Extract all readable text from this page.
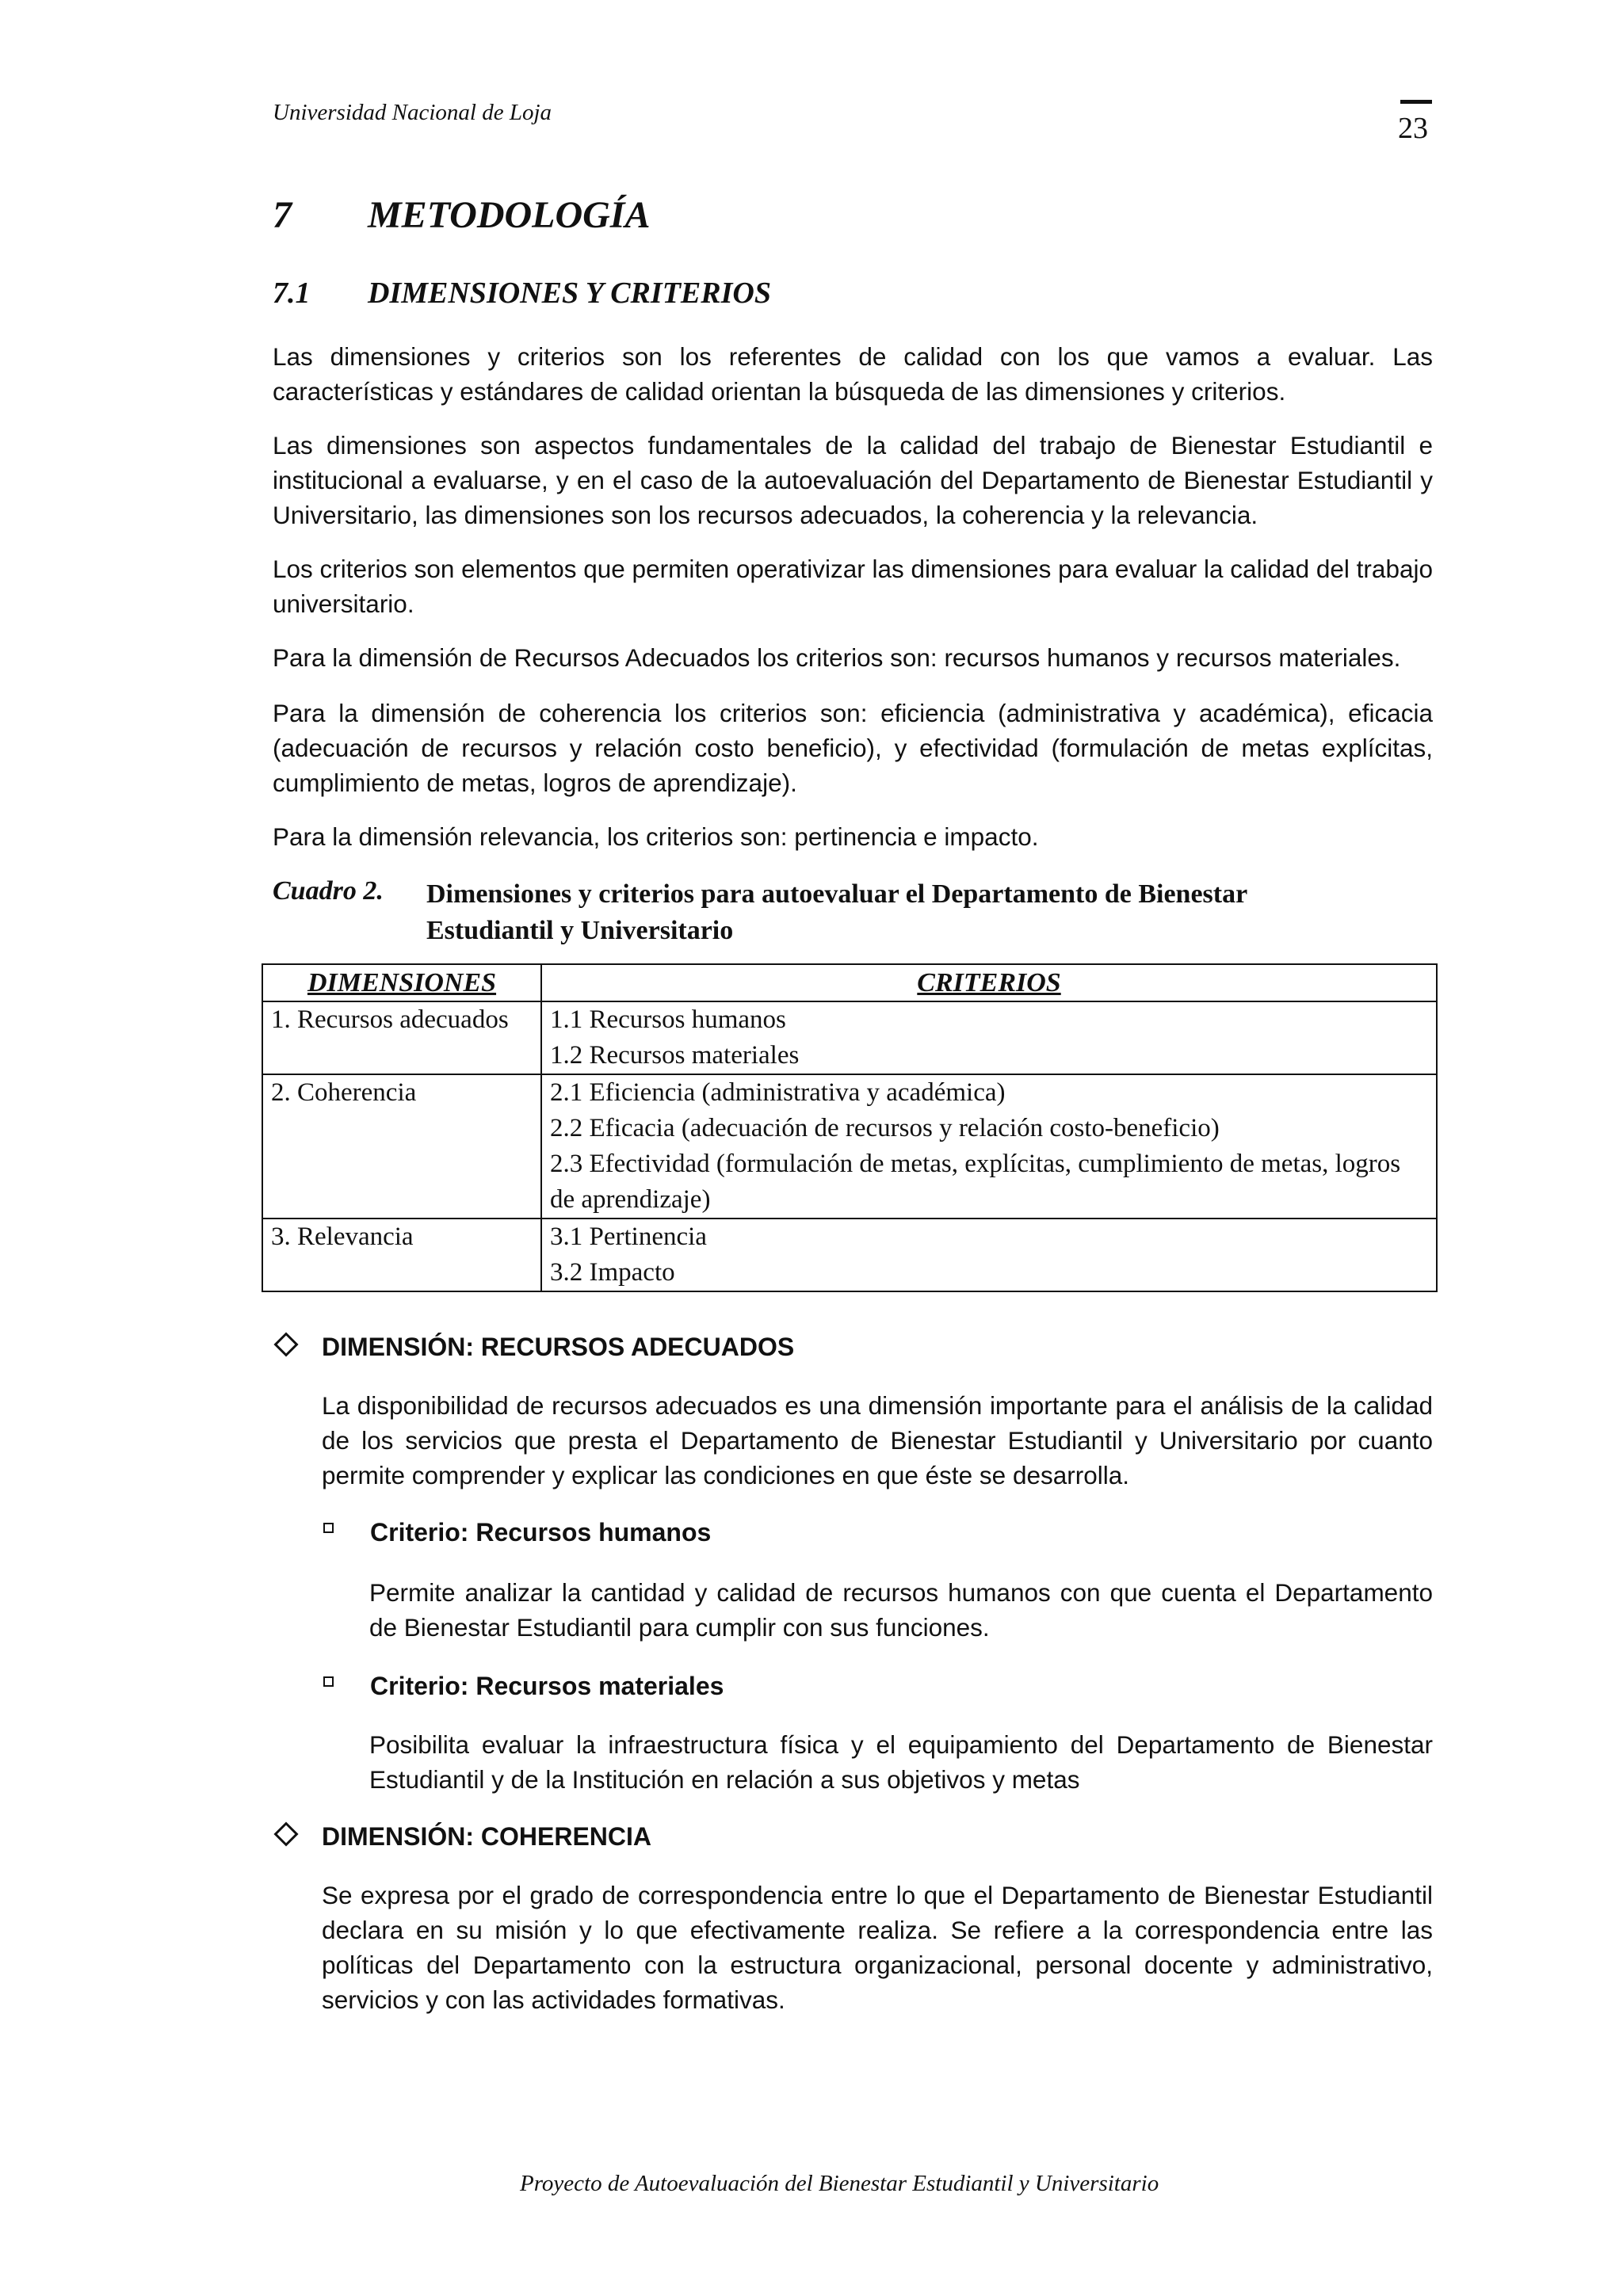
Universidad Nacional de Loja	23
7 METODOLOGÍA
7.1 DIMENSIONES Y CRITERIOS

Las dimensiones y criterios son los referentes de calidad con los que vamos a evaluar. Las características y estándares de calidad orientan la búsqueda de las dimensiones y criterios.

Las dimensiones son aspectos fundamentales de la calidad del trabajo de Bienestar Estudiantil e institucional a evaluarse, y en el caso de la autoevaluación del Departamento de Bienestar Estudiantil y Universitario, las dimensiones son los recursos adecuados, la coherencia y la relevancia.

Los criterios son elementos que permiten operativizar las dimensiones para evaluar la calidad del trabajo universitario.

Para la dimensión de Recursos Adecuados los criterios son: recursos humanos y recursos materiales.

Para la dimensión de coherencia los criterios son: eficiencia (administrativa y académica), eficacia (adecuación de recursos y relación costo beneficio), y efectividad (formulación de metas explícitas, cumplimiento de metas, logros de aprendizaje).

Para la dimensión relevancia, los criterios son: pertinencia e impacto.

Cuadro 2. Dimensiones y criterios para autoevaluar el Departamento de Bienestar Estudiantil y Universitario
DIMENSIONES	CRITERIOS
1. Recursos adecuados	1.1 Recursos humanos
1.2 Recursos materiales

2. Coherencia	2.1 Eficiencia (administrativa y académica)
2.2 Eficacia (adecuación de recursos y relación costo-beneficio)
2.3 Efectividad (formulación de metas, explícitas, cumplimiento de metas, logros de aprendizaje)

3. Relevancia	3.1 Pertinencia
3.2 Impacto
DIMENSIÓN: RECURSOS ADECUADOS

La disponibilidad de recursos adecuados es una dimensión importante para el análisis de la calidad de los servicios que presta el Departamento de Bienestar Estudiantil y Universitario por cuanto permite comprender y explicar las condiciones en que éste se desarrolla.

Criterio: Recursos humanos

Permite analizar la cantidad y calidad de recursos humanos con que cuenta el Departamento de Bienestar Estudiantil para cumplir con sus funciones.

Criterio: Recursos materiales

Posibilita evaluar la infraestructura física y el equipamiento del Departamento de Bienestar Estudiantil y de la Institución en relación a sus objetivos y metas

DIMENSIÓN: COHERENCIA

Se expresa por el grado de correspondencia entre lo que el Departamento de Bienestar Estudiantil declara en su misión y lo que efectivamente realiza. Se refiere a la correspondencia entre las políticas del Departamento con la estructura organizacional, personal docente y administrativo, servicios y con las actividades formativas.

Proyecto de Autoevaluación del Bienestar Estudiantil y Universitario
